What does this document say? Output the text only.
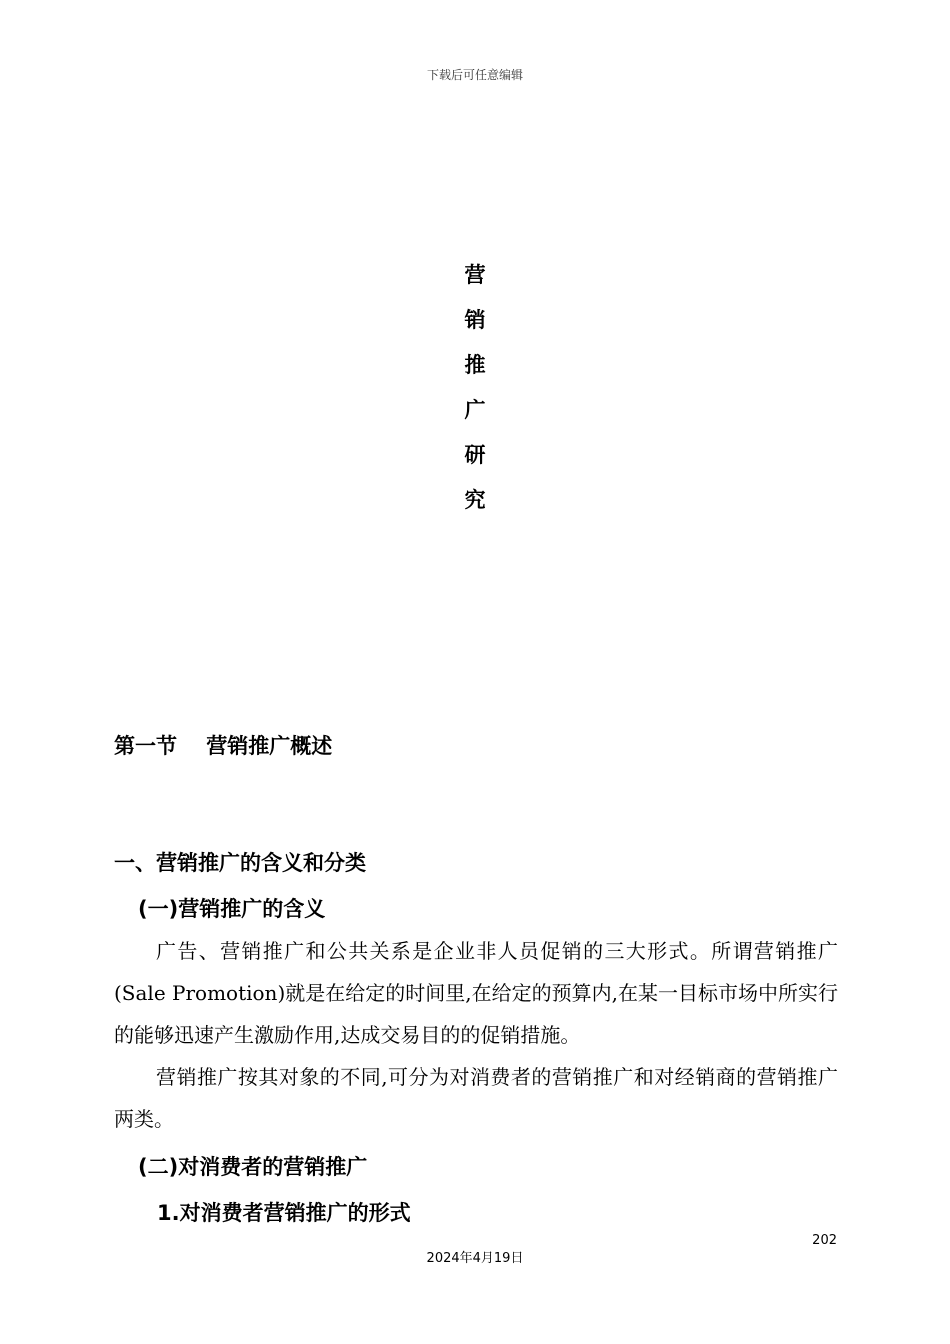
下载后可任意编辑
营
销
推
广
研
究
第一节    营销推广概述
一、营销推广的含义和分类
(一)营销推广的含义

广告、营销推广和公共关系是企业非人员促销的三大形式。所谓营销推广(Sale Promotion)就是在给定的时间里,在给定的预算内,在某一目标市场中所实行的能够迅速产生激励作用,达成交易目的的促销措施。

营销推广按其对象的不同,可分为对消费者的营销推广和对经销商的营销推广两类。

(二)对消费者的营销推广
1.对消费者营销推广的形式
202
2024年4月19日
